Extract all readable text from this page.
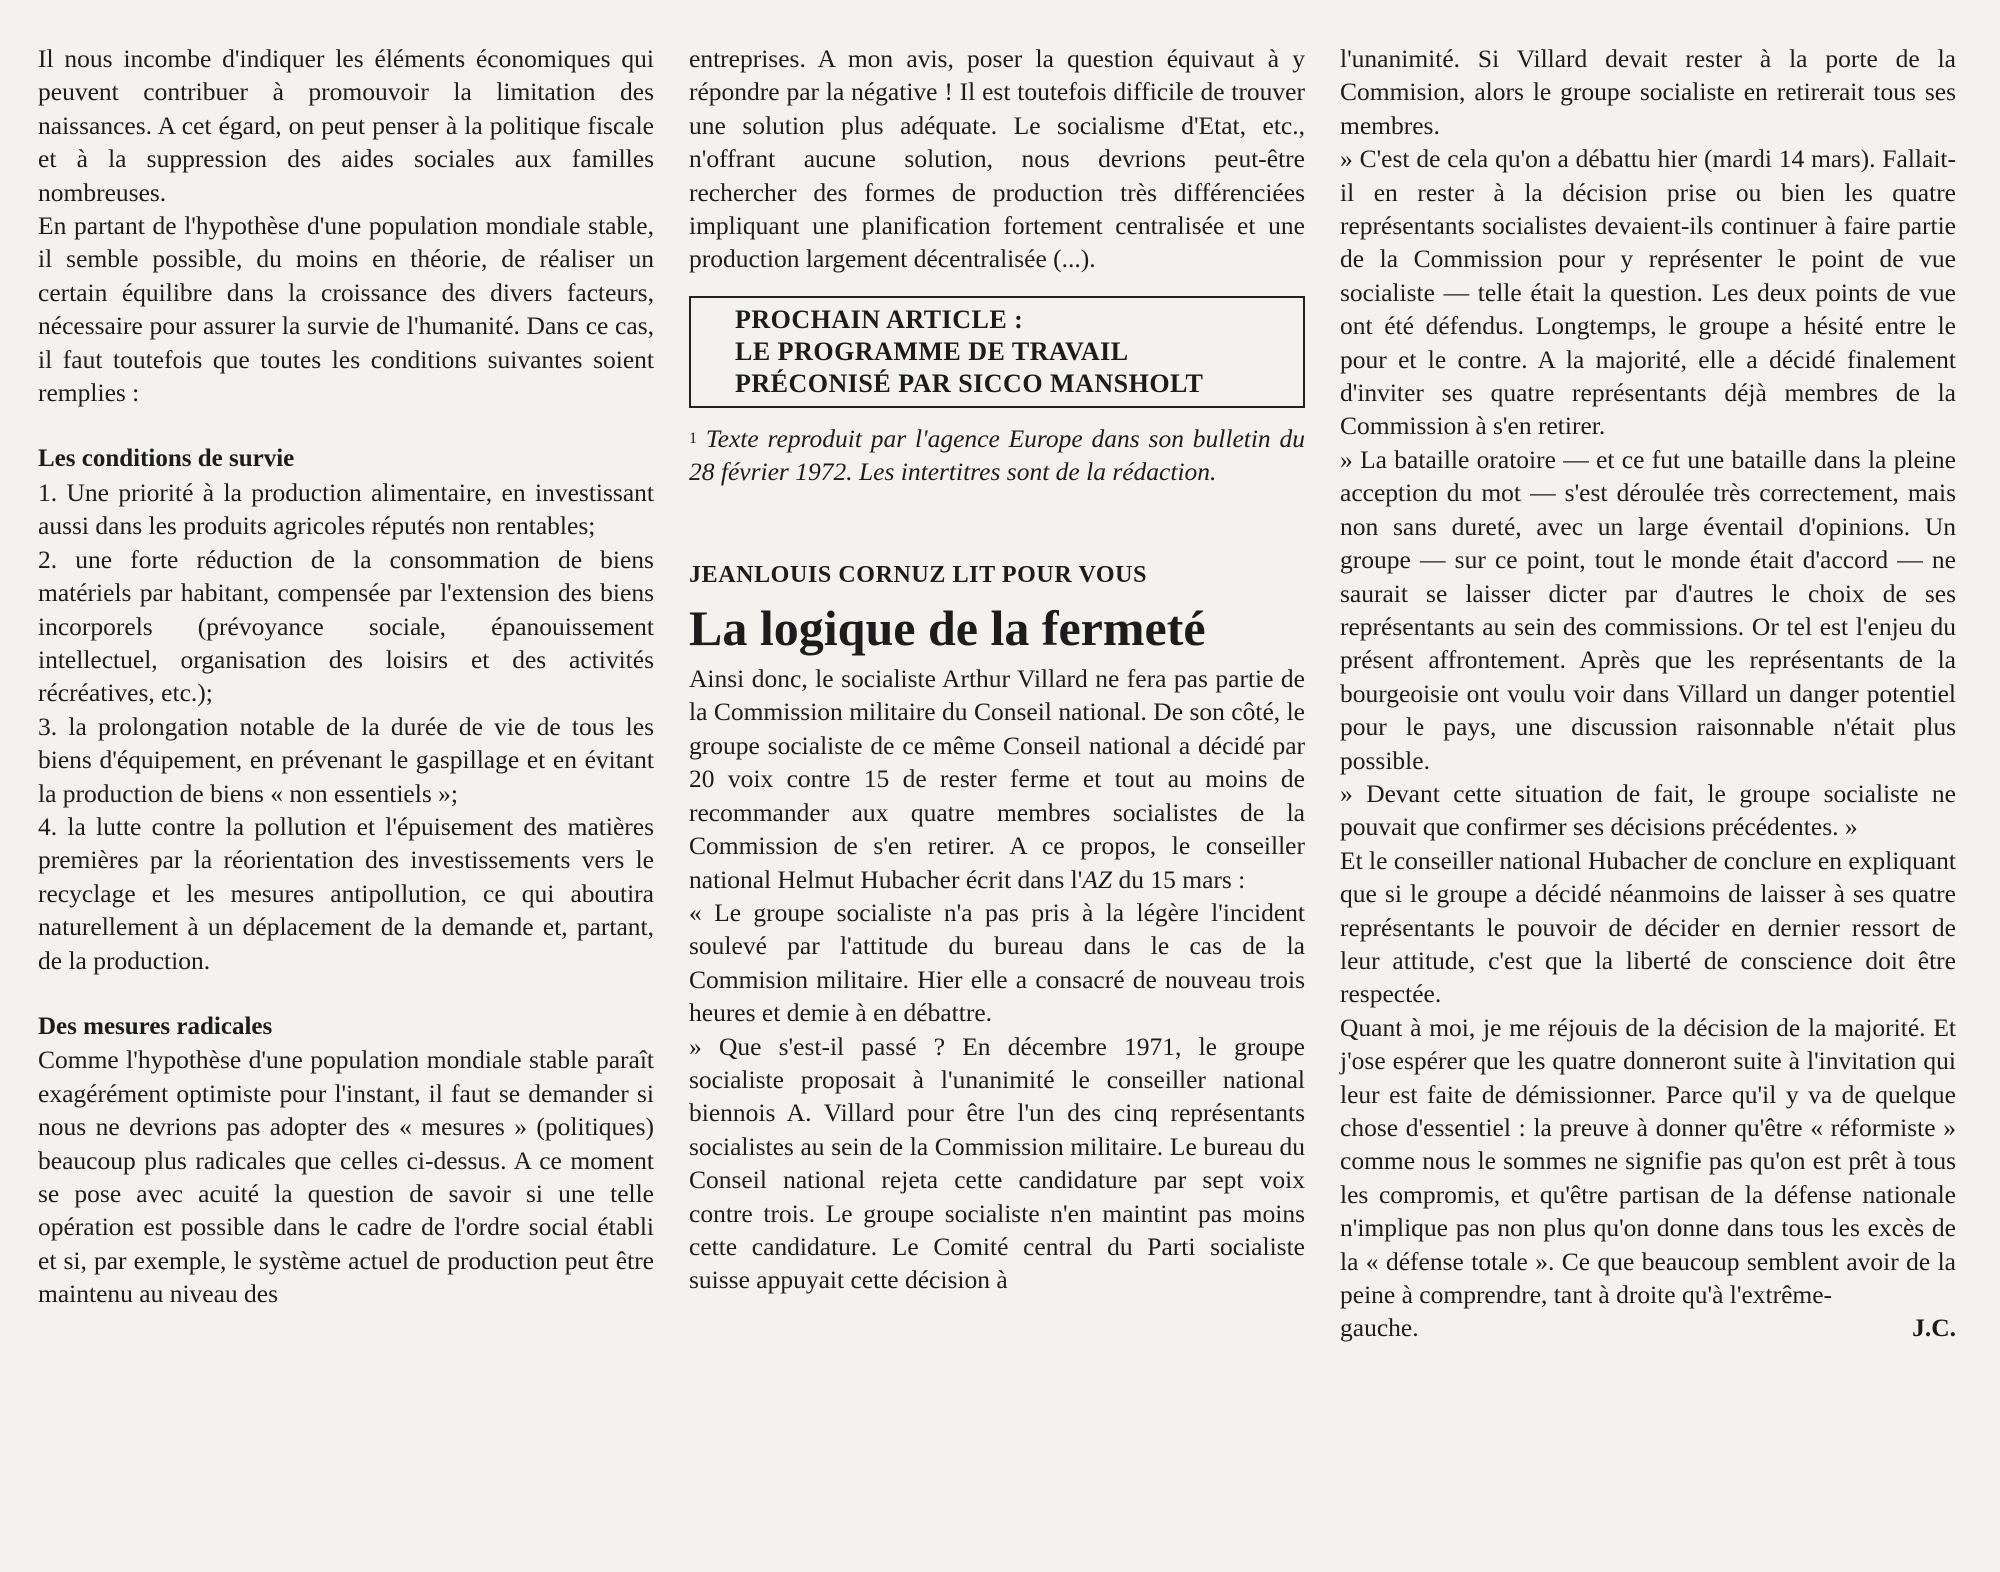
Il nous incombe d'indiquer les éléments économiques qui peuvent contribuer à promouvoir la limitation des naissances. A cet égard, on peut penser à la politique fiscale et à la suppression des aides sociales aux familles nombreuses.

En partant de l'hypothèse d'une population mondiale stable, il semble possible, du moins en théorie, de réaliser un certain équilibre dans la croissance des divers facteurs, nécessaire pour assurer la survie de l'humanité. Dans ce cas, il faut toutefois que toutes les conditions suivantes soient remplies :

Les conditions de survie

1. Une priorité à la production alimentaire, en investissant aussi dans les produits agricoles réputés non rentables;

2. une forte réduction de la consommation de biens matériels par habitant, compensée par l'extension des biens incorporels (prévoyance sociale, épanouissement intellectuel, organisation des loisirs et des activités récréatives, etc.);

3. la prolongation notable de la durée de vie de tous les biens d'équipement, en prévenant le gaspillage et en évitant la production de biens « non essentiels »;

4. la lutte contre la pollution et l'épuisement des matières premières par la réorientation des investissements vers le recyclage et les mesures antipollution, ce qui aboutira naturellement à un déplacement de la demande et, partant, de la production.

Des mesures radicales

Comme l'hypothèse d'une population mondiale stable paraît exagérément optimiste pour l'instant, il faut se demander si nous ne devrions pas adopter des « mesures » (politiques) beaucoup plus radicales que celles ci-dessus. A ce moment se pose avec acuité la question de savoir si une telle opération est possible dans le cadre de l'ordre social établi et si, par exemple, le système actuel de production peut être maintenu au niveau des

entreprises. A mon avis, poser la question équivaut à y répondre par la négative ! Il est toutefois difficile de trouver une solution plus adéquate. Le socialisme d'Etat, etc., n'offrant aucune solution, nous devrions peut-être rechercher des formes de production très différenciées impliquant une planification fortement centralisée et une production largement décentralisée (...).

PROCHAIN ARTICLE :
LE PROGRAMME DE TRAVAIL
PRÉCONISÉ PAR SICCO MANSHOLT

$^1$ Texte reproduit par l'agence Europe dans son bulletin du 28 février 1972. Les intertitres sont de la rédaction.

JEANLOUIS CORNUZ LIT POUR VOUS
La logique de la fermeté

Ainsi donc, le socialiste Arthur Villard ne fera pas partie de la Commission militaire du Conseil national. De son côté, le groupe socialiste de ce même Conseil national a décidé par 20 voix contre 15 de rester ferme et tout au moins de recommander aux quatre membres socialistes de la Commission de s'en retirer. A ce propos, le conseiller national Helmut Hubacher écrit dans l'AZ du 15 mars :

« Le groupe socialiste n'a pas pris à la légère l'incident soulevé par l'attitude du bureau dans le cas de la Commision militaire. Hier elle a consacré de nouveau trois heures et demie à en débattre.

» Que s'est-il passé ? En décembre 1971, le groupe socialiste proposait à l'unanimité le conseiller national biennois A. Villard pour être l'un des cinq représentants socialistes au sein de la Commission militaire. Le bureau du Conseil national rejeta cette candidature par sept voix contre trois. Le groupe socialiste n'en maintint pas moins cette candidature. Le Comité central du Parti socialiste suisse appuyait cette décision à

l'unanimité. Si Villard devait rester à la porte de la Commision, alors le groupe socialiste en retirerait tous ses membres.

» C'est de cela qu'on a débattu hier (mardi 14 mars). Fallait-il en rester à la décision prise ou bien les quatre représentants socialistes devaient-ils continuer à faire partie de la Commission pour y représenter le point de vue socialiste — telle était la question. Les deux points de vue ont été défendus. Longtemps, le groupe a hésité entre le pour et le contre. A la majorité, elle a décidé finalement d'inviter ses quatre représentants déjà membres de la Commission à s'en retirer.

» La bataille oratoire — et ce fut une bataille dans la pleine acception du mot — s'est déroulée très correctement, mais non sans dureté, avec un large éventail d'opinions. Un groupe — sur ce point, tout le monde était d'accord — ne saurait se laisser dicter par d'autres le choix de ses représentants au sein des commissions. Or tel est l'enjeu du présent affrontement. Après que les représentants de la bourgeoisie ont voulu voir dans Villard un danger potentiel pour le pays, une discussion raisonnable n'était plus possible.

» Devant cette situation de fait, le groupe socialiste ne pouvait que confirmer ses décisions précédentes. »

Et le conseiller national Hubacher de conclure en expliquant que si le groupe a décidé néanmoins de laisser à ses quatre représentants le pouvoir de décider en dernier ressort de leur attitude, c'est que la liberté de conscience doit être respectée.

Quant à moi, je me réjouis de la décision de la majorité. Et j'ose espérer que les quatre donneront suite à l'invitation qui leur est faite de démissionner. Parce qu'il y va de quelque chose d'essentiel : la preuve à donner qu'être « réformiste » comme nous le sommes ne signifie pas qu'on est prêt à tous les compromis, et qu'être partisan de la défense nationale n'implique pas non plus qu'on donne dans tous les excès de la « défense totale ». Ce que beaucoup semblent avoir de la peine à comprendre, tant à droite qu'à l'extrême-

gauche.	J.C.
